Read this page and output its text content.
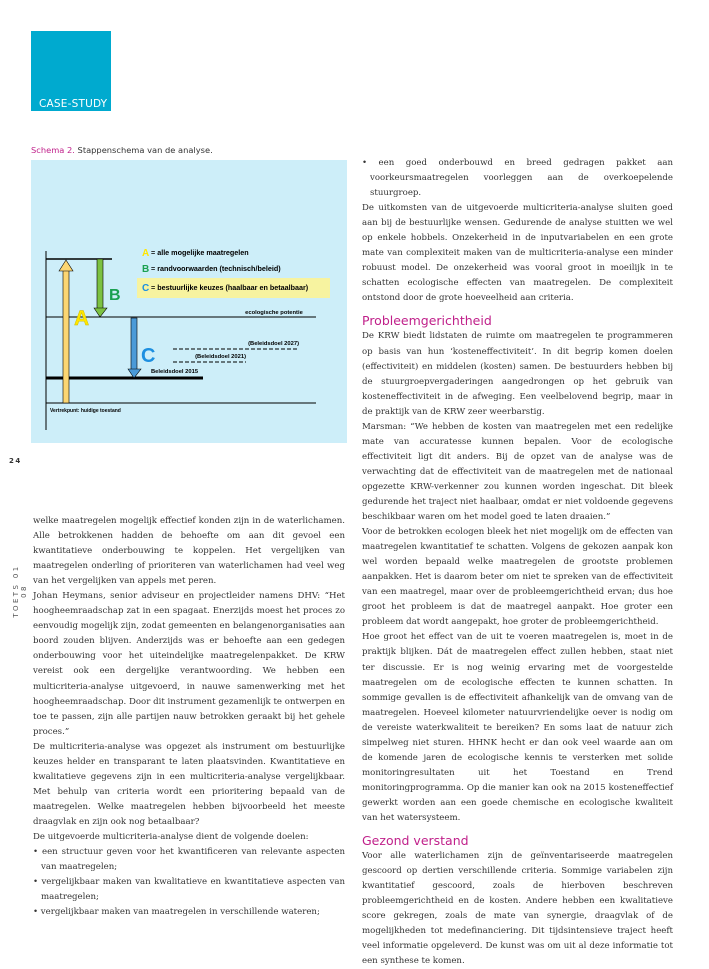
CASE-STUDY
Schema 2. Stappenschema van de analyse.
A
B
C
A = alle mogelijke maatregelen
B = randvoorwaarden (technisch/beleid)
C = bestuurlijke keuzes (haalbaar en betaalbaar)
ecologische potentie
(Beleidsdoel 2027)
(Beleidsdoel 2021)
Beleidsdoel 2015
Vertrekpunt: huidige toestand
24
TOETS 01 08

welke maatregelen mogelijk effectief konden zijn in de waterlichamen. Alle betrokkenen hadden de behoefte om aan dit gevoel een kwantitatieve onderbouwing te koppelen. Het vergelijken van maatregelen onderling of prioriteren van waterlichamen had veel weg van het vergelijken van appels met peren.

Johan Heymans, senior adviseur en projectleider namens DHV: “Het hoogheemraadschap zat in een spagaat. Enerzijds moest het proces zo eenvoudig mogelijk zijn, zodat gemeenten en belangenorganisaties aan boord zouden blijven. Anderzijds was er behoefte aan een gedegen onderbouwing voor het uiteindelijke maatregelenpakket. De KRW vereist ook een dergelijke verantwoording. We hebben een multicriteria-analyse uitgevoerd, in nauwe samenwerking met het hoogheemraadschap. Door dit instrument gezamenlijk te ontwerpen en toe te passen, zijn alle partijen nauw betrokken geraakt bij het gehele proces.”

De multicriteria-analyse was opgezet als instrument om bestuurlijke keuzes helder en transparant te laten plaatsvinden. Kwantitatieve en kwalitatieve gegevens zijn in een multicriteria-analyse vergelijkbaar. Met behulp van criteria wordt een prioritering bepaald van de maatregelen. Welke maatregelen hebben bijvoorbeeld het meeste draagvlak en zijn ook nog betaalbaar?

De uitgevoerde multicriteria-analyse dient de volgende doelen:

• een structuur geven voor het kwantificeren van relevante aspecten van maatregelen;

• vergelijkbaar maken van kwalitatieve en kwantitatieve aspecten van maatregelen;

• vergelijkbaar maken van maatregelen in verschillende wateren;

• een goed onderbouwd en breed gedragen pakket aan voorkeursmaatregelen voorleggen aan de overkoepelende stuurgroep.

De uitkomsten van de uitgevoerde multicriteria-analyse sluiten goed aan bij de bestuurlijke wensen. Gedurende de analyse stuitten we wel op enkele hobbels. Onzekerheid in de inputvariabelen en een grote mate van complexiteit maken van de multicriteria-analyse een minder robuust model. De onzekerheid was vooral groot in moeilijk in te schatten ecologische effecten van maatregelen. De complexiteit ontstond door de grote hoeveelheid aan criteria.

Probleemgerichtheid

De KRW biedt lidstaten de ruimte om maatregelen te programmeren op basis van hun ‘kosteneffectiviteit’. In dit begrip komen doelen (effectiviteit) en middelen (kosten) samen. De bestuurders hebben bij de stuurgroepvergaderingen aangedrongen op het gebruik van kosteneffectiviteit in de afweging. Een veelbelovend begrip, maar in de praktijk van de KRW zeer weerbarstig.

Marsman: “We hebben de kosten van maatregelen met een redelijke mate van accuratesse kunnen bepalen. Voor de ecologische effectiviteit ligt dit anders. Bij de opzet van de analyse was de verwachting dat de effectiviteit van de maatregelen met de nationaal opgezette KRW-verkenner zou kunnen worden ingeschat. Dit bleek gedurende het traject niet haalbaar, omdat er niet voldoende gegevens beschikbaar waren om het model goed te laten draaien.”

Voor de betrokken ecologen bleek het niet mogelijk om de effecten van maatregelen kwantitatief te schatten. Volgens de gekozen aanpak kon wel worden bepaald welke maatregelen de grootste problemen aanpakken. Het is daarom beter om niet te spreken van de effectiviteit van een maatregel, maar over de probleemgerichtheid ervan; dus hoe groot het probleem is dat de maatregel aanpakt. Hoe groter een probleem dat wordt aangepakt, hoe groter de probleemgerichtheid.

Hoe groot het effect van de uit te voeren maatregelen is, moet in de praktijk blijken. Dát de maatregelen effect zullen hebben, staat niet ter discussie. Er is nog weinig ervaring met de voorgestelde maatregelen om de ecologische effecten te kunnen schatten. In sommige gevallen is de effectiviteit afhankelijk van de omvang van de maatregelen. Hoeveel kilometer natuurvriendelijke oever is nodig om de vereiste waterkwaliteit te bereiken? En soms laat de natuur zich simpelweg niet sturen. HHNK hecht er dan ook veel waarde aan om de komende jaren de ecologische kennis te versterken met solide monitoringresultaten uit het Toestand en Trend monitoringprogramma. Op die manier kan ook na 2015 kosteneffectief gewerkt worden aan een goede chemische en ecologische kwaliteit van het watersysteem.

Gezond verstand

Voor alle waterlichamen zijn de geïnventariseerde maatregelen gescoord op dertien verschillende criteria. Sommige variabelen zijn kwantitatief gescoord, zoals de hierboven beschreven probleemgerichtheid en de kosten. Andere hebben een kwalitatieve score gekregen, zoals de mate van synergie, draagvlak of de mogelijkheden tot medefinanciering. Dit tijdsintensieve traject heeft veel informatie opgeleverd. De kunst was om uit al deze informatie tot een synthese te komen.
